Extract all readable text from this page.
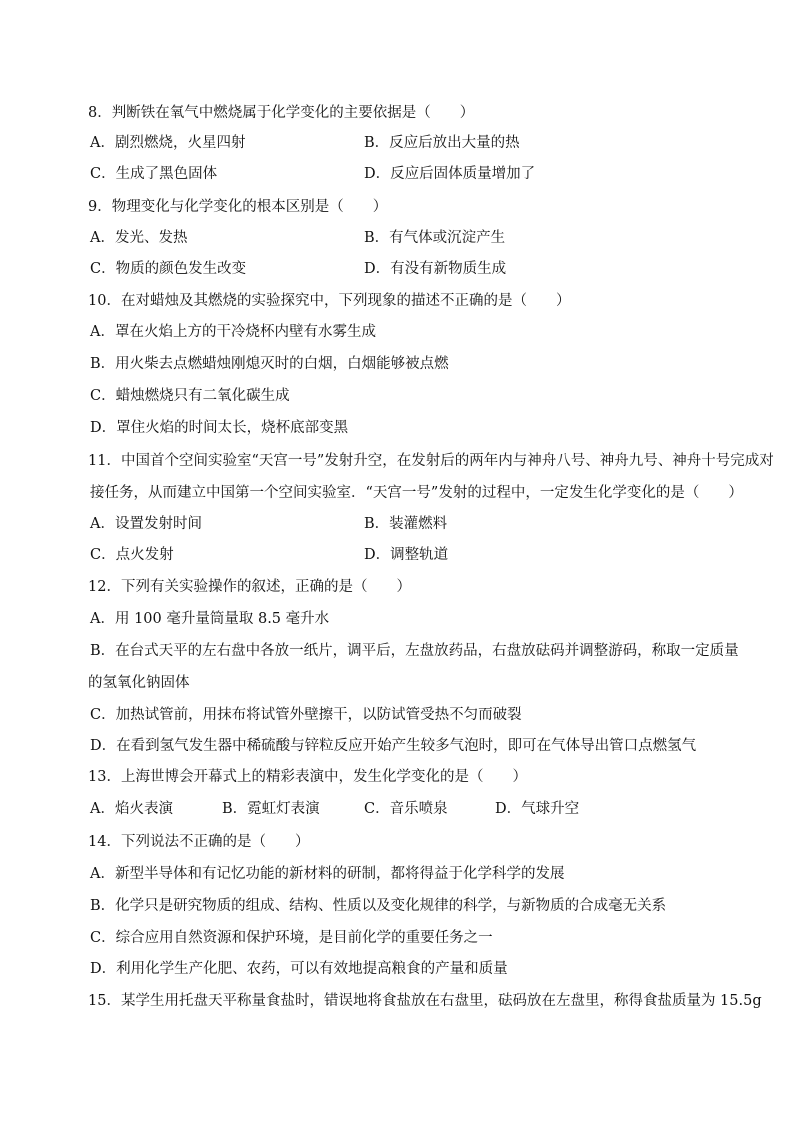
8．判断铁在氧气中燃烧属于化学变化的主要依据是（　　）
A．剧烈燃烧，火星四射	B．反应后放出大量的热
C．生成了黑色固体	D．反应后固体质量增加了
9．物理变化与化学变化的根本区别是（　　）
A．发光、发热	B．有气体或沉淀产生
C．物质的颜色发生改变	D．有没有新物质生成
10．在对蜡烛及其燃烧的实验探究中，下列现象的描述不正确的是（　　）
A．罩在火焰上方的干冷烧杯内壁有水雾生成
B．用火柴去点燃蜡烛刚熄灭时的白烟，白烟能够被点燃
C．蜡烛燃烧只有二氧化碳生成
D．罩住火焰的时间太长，烧杯底部变黑
11．中国首个空间实验室“天宫一号”发射升空，在发射后的两年内与神舟八号、神舟九号、神舟十号完成对
接任务，从而建立中国第一个空间实验室．“天宫一号”发射的过程中，一定发生化学变化的是（　　）
A．设置发射时间	B．装灌燃料
C．点火发射	D．调整轨道
12．下列有关实验操作的叙述，正确的是（　　）
A．用 100 毫升量筒量取 8.5 毫升水
B．在台式天平的左右盘中各放一纸片，调平后，左盘放药品，右盘放砝码并调整游码，称取一定质量
的氢氧化钠固体
C．加热试管前，用抹布将试管外壁擦干，以防试管受热不匀而破裂
D．在看到氢气发生器中稀硫酸与锌粒反应开始产生较多气泡时，即可在气体导出管口点燃氢气
13．上海世博会开幕式上的精彩表演中，发生化学变化的是（　　）
A．焰火表演	B．霓虹灯表演	C．音乐喷泉	D．气球升空
14．下列说法不正确的是（　　）
A．新型半导体和有记忆功能的新材料的研制，都将得益于化学科学的发展
B．化学只是研究物质的组成、结构、性质以及变化规律的科学，与新物质的合成毫无关系
C．综合应用自然资源和保护环境，是目前化学的重要任务之一
D．利用化学生产化肥、农药，可以有效地提高粮食的产量和质量
15．某学生用托盘天平称量食盐时，错误地将食盐放在右盘里，砝码放在左盘里，称得食盐质量为 15.5g
